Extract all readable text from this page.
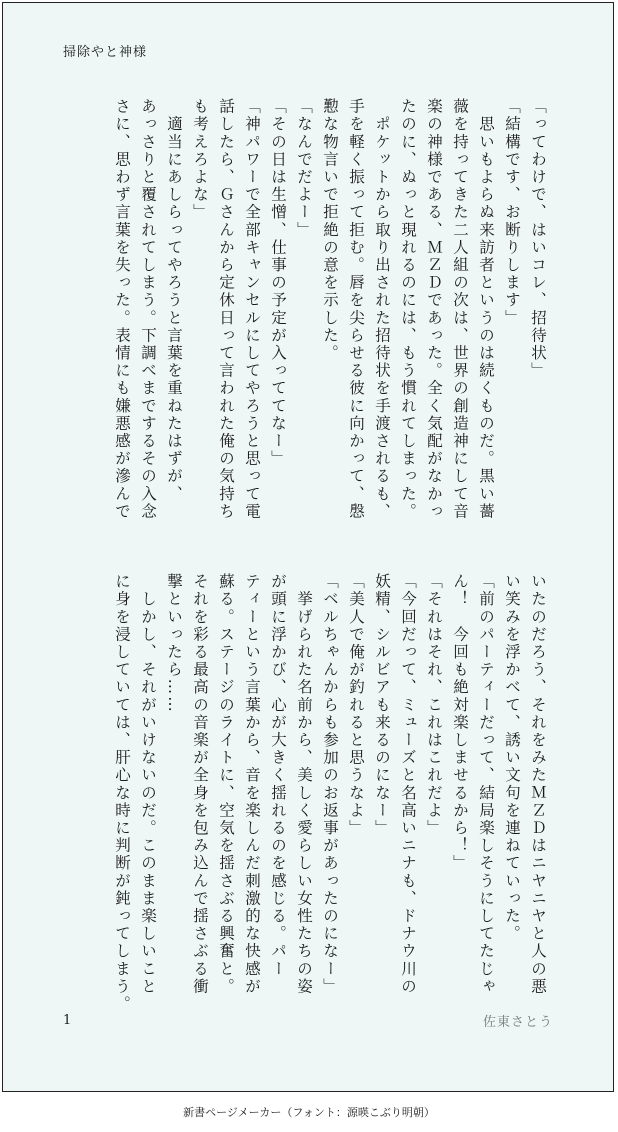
掃除やと神様
「ってわけで、はいコレ、招待状」
「結構です、お断りします」
　思いもよらぬ来訪者というのは続くものだ。黒い薔
薇を持ってきた二人組の次は、世界の創造神にして音
楽の神様である、ＭＺＤであった。全く気配がなかっ
たのに、ぬっと現れるのには、もう慣れてしまった。
　ポケットから取り出された招待状を手渡されるも、
手を軽く振って拒む。唇を尖らせる彼に向かって、慇
懃な物言いで拒絶の意を示した。
「なんでだよー」
「その日は生憎、仕事の予定が入っててなー」
「神パワーで全部キャンセルにしてやろうと思って電
話したら、Ｇさんから定休日って言われた俺の気持ち
も考えろよな」
　適当にあしらってやろうと言葉を重ねたはずが、
あっさりと覆されてしまう。下調べまでするその入念
さに、思わず言葉を失った。表情にも嫌悪感が滲んで
いたのだろう、それをみたＭＺＤはニヤニヤと人の悪
い笑みを浮かべて、誘い文句を連ねていった。
「前のパーティーだって、結局楽しそうにしてたじゃ
ん！　今回も絶対楽しませるから！」
「それはそれ、これはこれだよ」
「今回だって、ミューズと名高いニナも、ドナウ川の
妖精、シルビアも来るのになー」
「美人で俺が釣れると思うなよ」
「ベルちゃんからも参加のお返事があったのになー」
　挙げられた名前から、美しく愛らしい女性たちの姿
が頭に浮かび、心が大きく揺れるのを感じる。パー
ティーという言葉から、音を楽しんだ刺激的な快感が
蘇る。ステージのライトに、空気を揺さぶる興奮と。
それを彩る最高の音楽が全身を包み込んで揺さぶる衝
撃といったら……
　しかし、それがいけないのだ。このまま楽しいこと
に身を浸していては、肝心な時に判断が鈍ってしまう。
1	佐東さとう
新書ページメーカー（フォント：源暎こぶり明朝）
